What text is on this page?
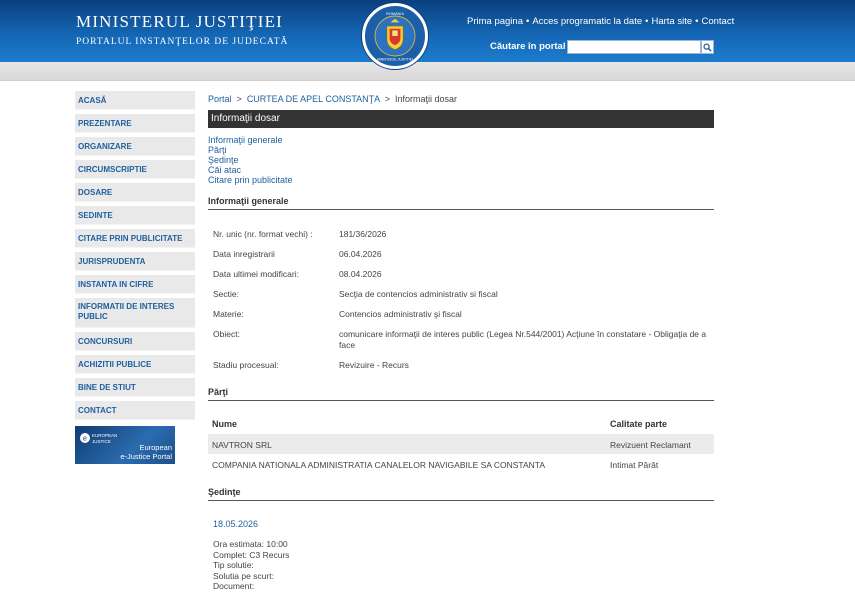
MINISTERUL JUSTIŢIEI
PORTALUL INSTANŢELOR DE JUDECATĂ
Prima pagina • Acces programatic la date • Harta site • Contact
Căutare în portal
ROMANIA
MINISTERUL JUSTITIEI
ACASĂ
PREZENTARE
ORGANIZARE
CIRCUMSCRIPTIE
DOSARE
SEDINTE
CITARE PRIN PUBLICITATE
JURISPRUDENTA
INSTANTA IN CIFRE
INFORMATII DE INTERES PUBLIC
CONCURSURI
ACHIZITII PUBLICE
BINE DE STIUT
CONTACT
e EUROPEAN
JUSTICE
European
e-Justice Portal
Portal  >  CURTEA DE APEL CONSTANŢA  >  Informaţii dosar
Informaţii dosar
Informaţii generale
Părţi
Şedinţe
Căi atac
Citare prin publicitate
Informaţii generale
Nr. unic (nr. format vechi) :	181/36/2026
Data inregistrarii	06.04.2026
Data ultimei modificari:	08.04.2026
Sectie:	Secţia de contencios administrativ si fiscal
Materie:	Contencios administrativ şi fiscal
Obiect:	comunicare informaţii de interes public (Legea Nr.544/2001) Acţiune în constatare - Obligaţia de a face
Stadiu procesual:	Revizuire - Recurs
Părţi
Nume	Calitate parte
NAVTRON SRL	Revizuent Reclamant
COMPANIA NATIONALA ADMINISTRATIA CANALELOR NAVIGABILE SA CONSTANTA	Intimat Pârât
Şedinţe
18.05.2026
Ora estimata: 10:00
Complet: C3 Recurs
Tip solutie:
Solutia pe scurt:
Document:
